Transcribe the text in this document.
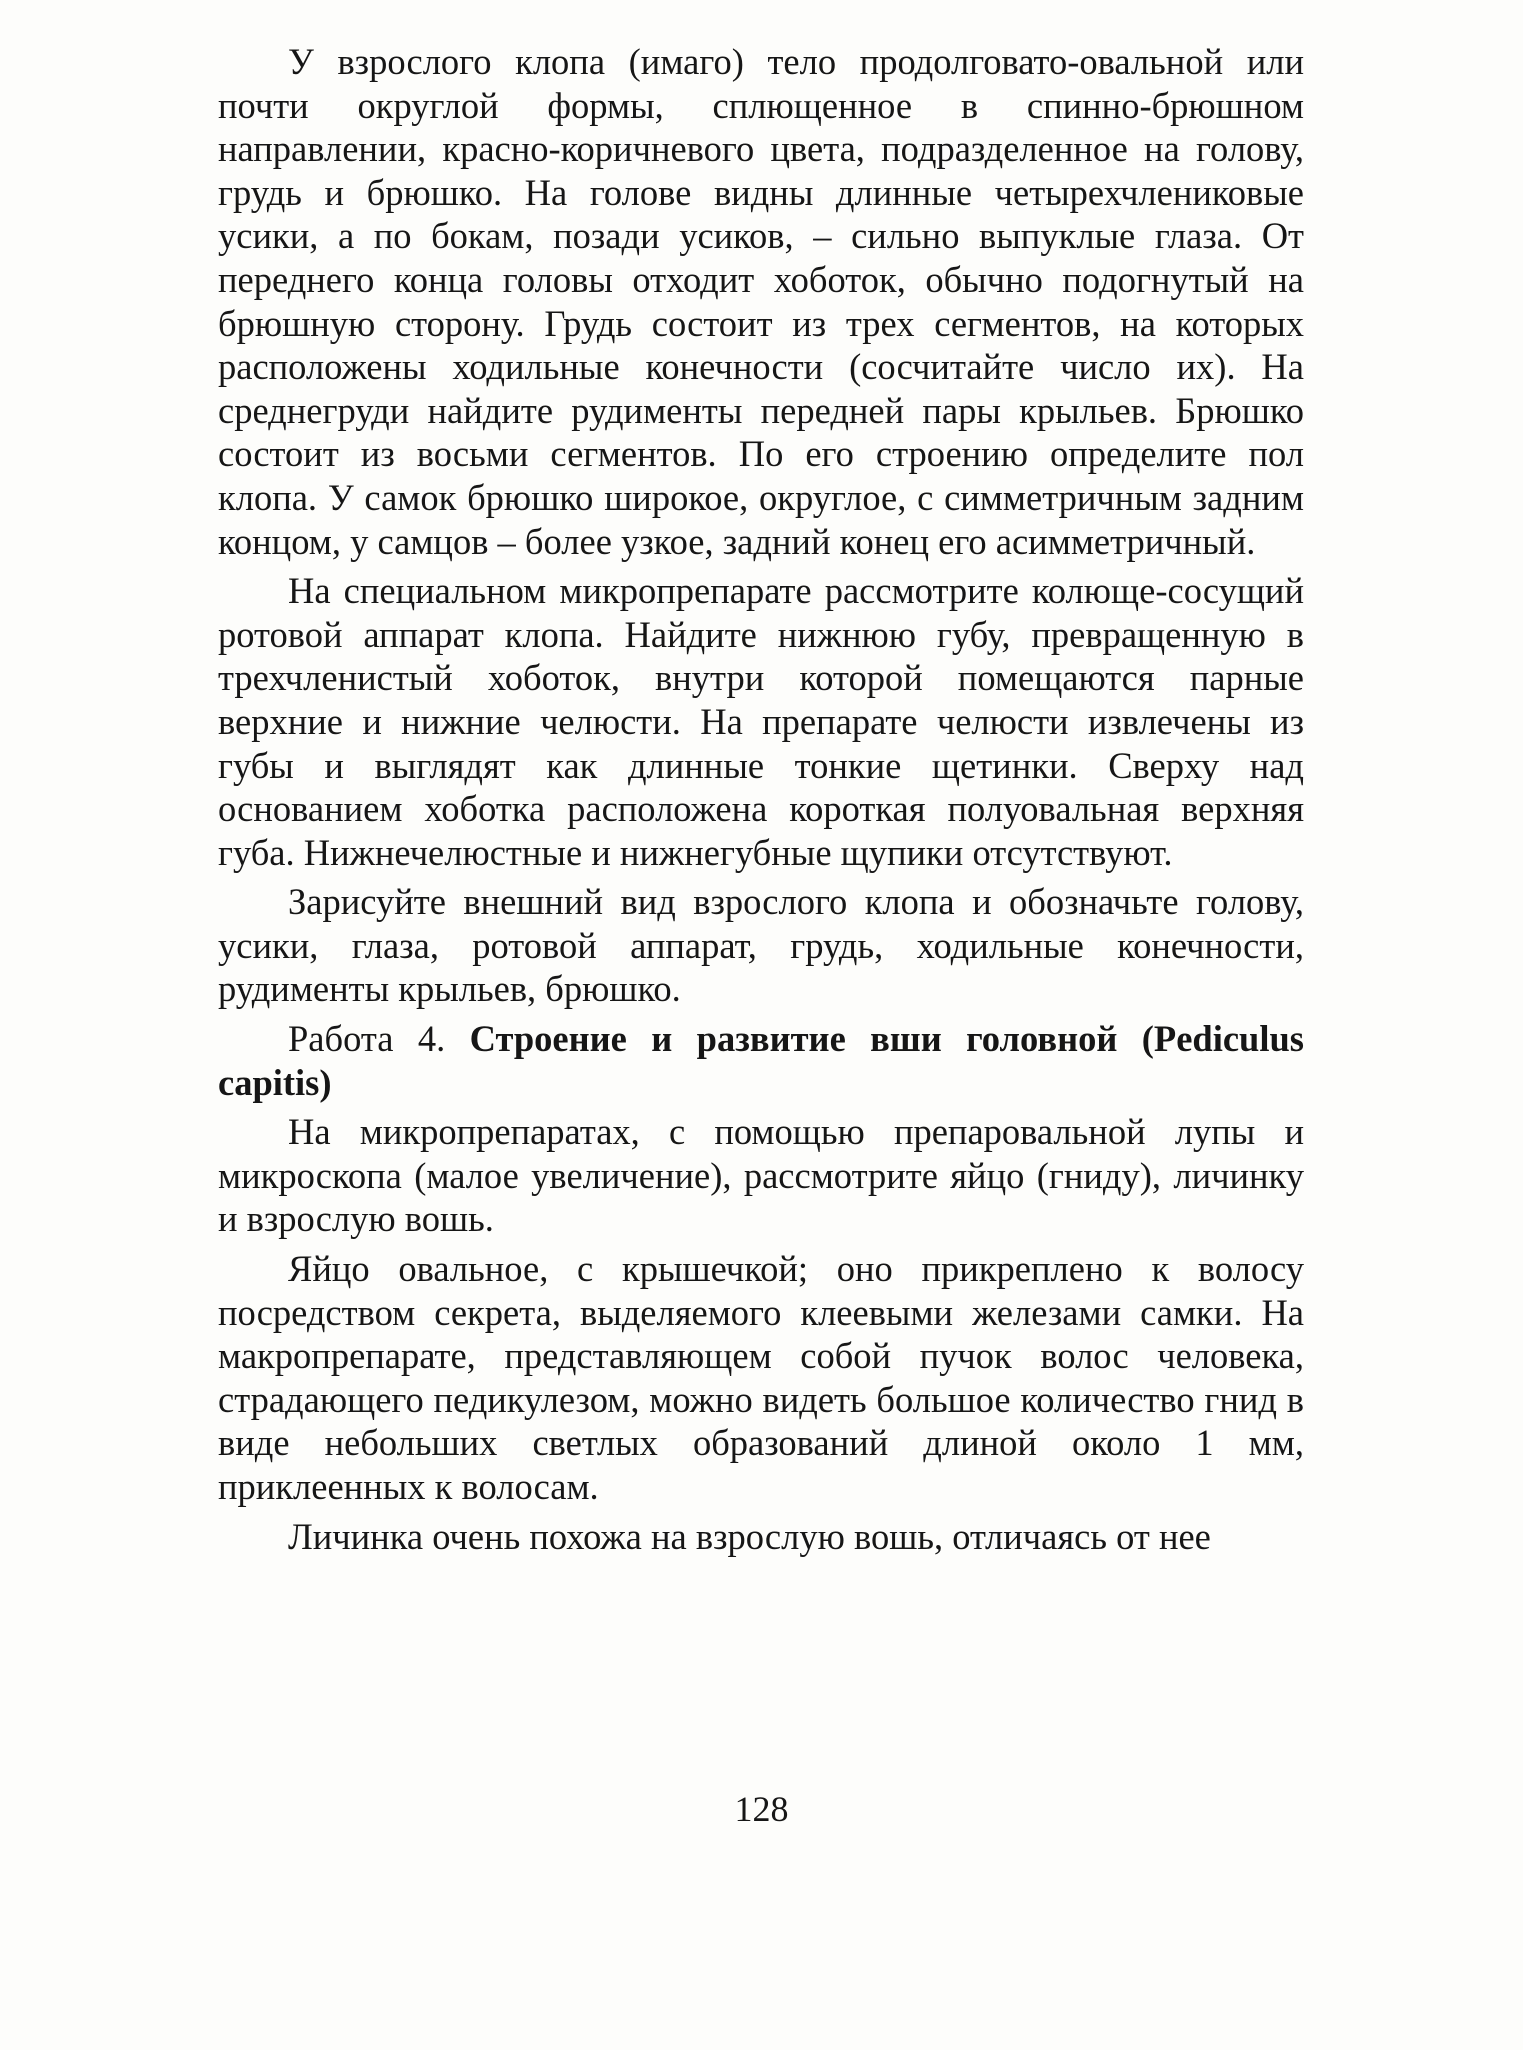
У взрослого клопа (имаго) тело продолговато-овальной или почти округлой формы, сплющенное в спинно-брюшном направлении, красно-коричневого цвета, подразделенное на голову, грудь и брюшко. На голове видны длинные четырехчлениковые усики, а по бокам, позади усиков, – сильно выпуклые глаза. От переднего конца головы отходит хоботок, обычно подогнутый на брюшную сторону. Грудь состоит из трех сегментов, на которых расположены ходильные конечности (сосчитайте число их). На среднегруди найдите рудименты передней пары крыльев. Брюшко состоит из восьми сегментов. По его строению определите пол клопа. У самок брюшко широкое, округлое, с симметричным задним концом, у самцов – более узкое, задний конец его асимметричный.

На специальном микропрепарате рассмотрите колюще-сосущий ротовой аппарат клопа. Найдите нижнюю губу, превращенную в трехчленистый хоботок, внутри которой помещаются парные верхние и нижние челюсти. На препарате челюсти извлечены из губы и выглядят как длинные тонкие щетинки. Сверху над основанием хоботка расположена короткая полуовальная верхняя губа. Нижнечелюстные и нижнегубные щупики отсутствуют.

Зарисуйте внешний вид взрослого клопа и обозначьте голову, усики, глаза, ротовой аппарат, грудь, ходильные конечности, рудименты крыльев, брюшко.

Работа 4. Строение и развитие вши головной (Pediculus capitis)

На микропрепаратах, с помощью препаровальной лупы и микроскопа (малое увеличение), рассмотрите яйцо (гниду), личинку и взрослую вошь.

Яйцо овальное, с крышечкой; оно прикреплено к волосу посредством секрета, выделяемого клеевыми железами самки. На макропрепарате, представляющем собой пучок волос человека, страдающего педикулезом, можно видеть большое количество гнид в виде небольших светлых образований длиной около 1 мм, приклеенных к волосам.

Личинка очень похожа на взрослую вошь, отличаясь от нее

128
